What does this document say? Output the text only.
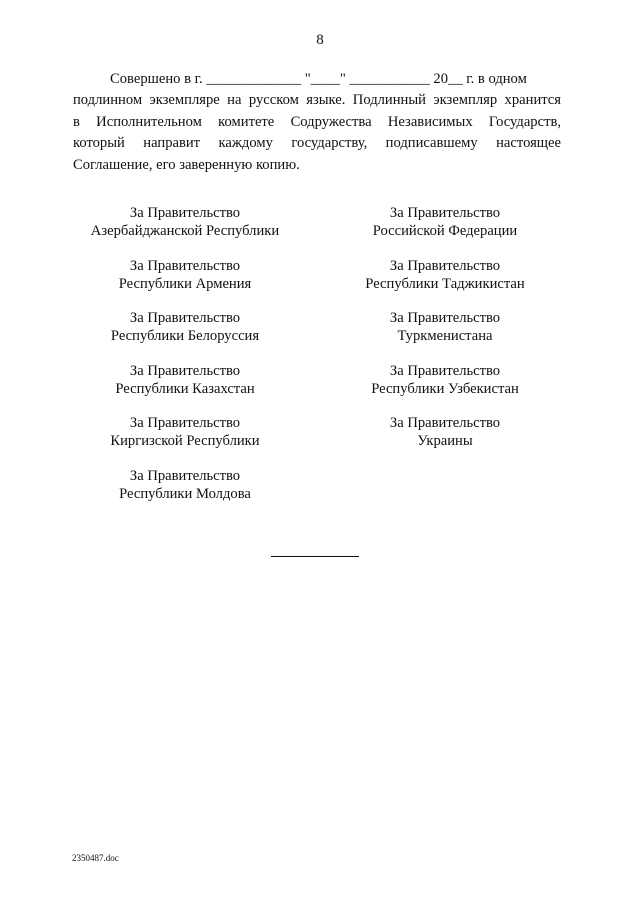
8
Совершено в г. _____________ "____" ___________ 20__ г. в одном
подлинном экземпляре на русском языке. Подлинный экземпляр хранится
в Исполнительном комитете Содружества Независимых Государств,
который направит каждому государству, подписавшему настоящее
Соглашение, его заверенную копию.
За Правительство
Азербайджанской Республики
За Правительство
Республики Армения
За Правительство
Республики Белоруссия
За Правительство
Республики Казахстан
За Правительство
Киргизской Республики
За Правительство
Республики Молдова
За Правительство
Российской Федерации
За Правительство
Республики Таджикистан
За Правительство
Туркменистана
За Правительство
Республики Узбекистан
За Правительство
Украины
2350487.doc
